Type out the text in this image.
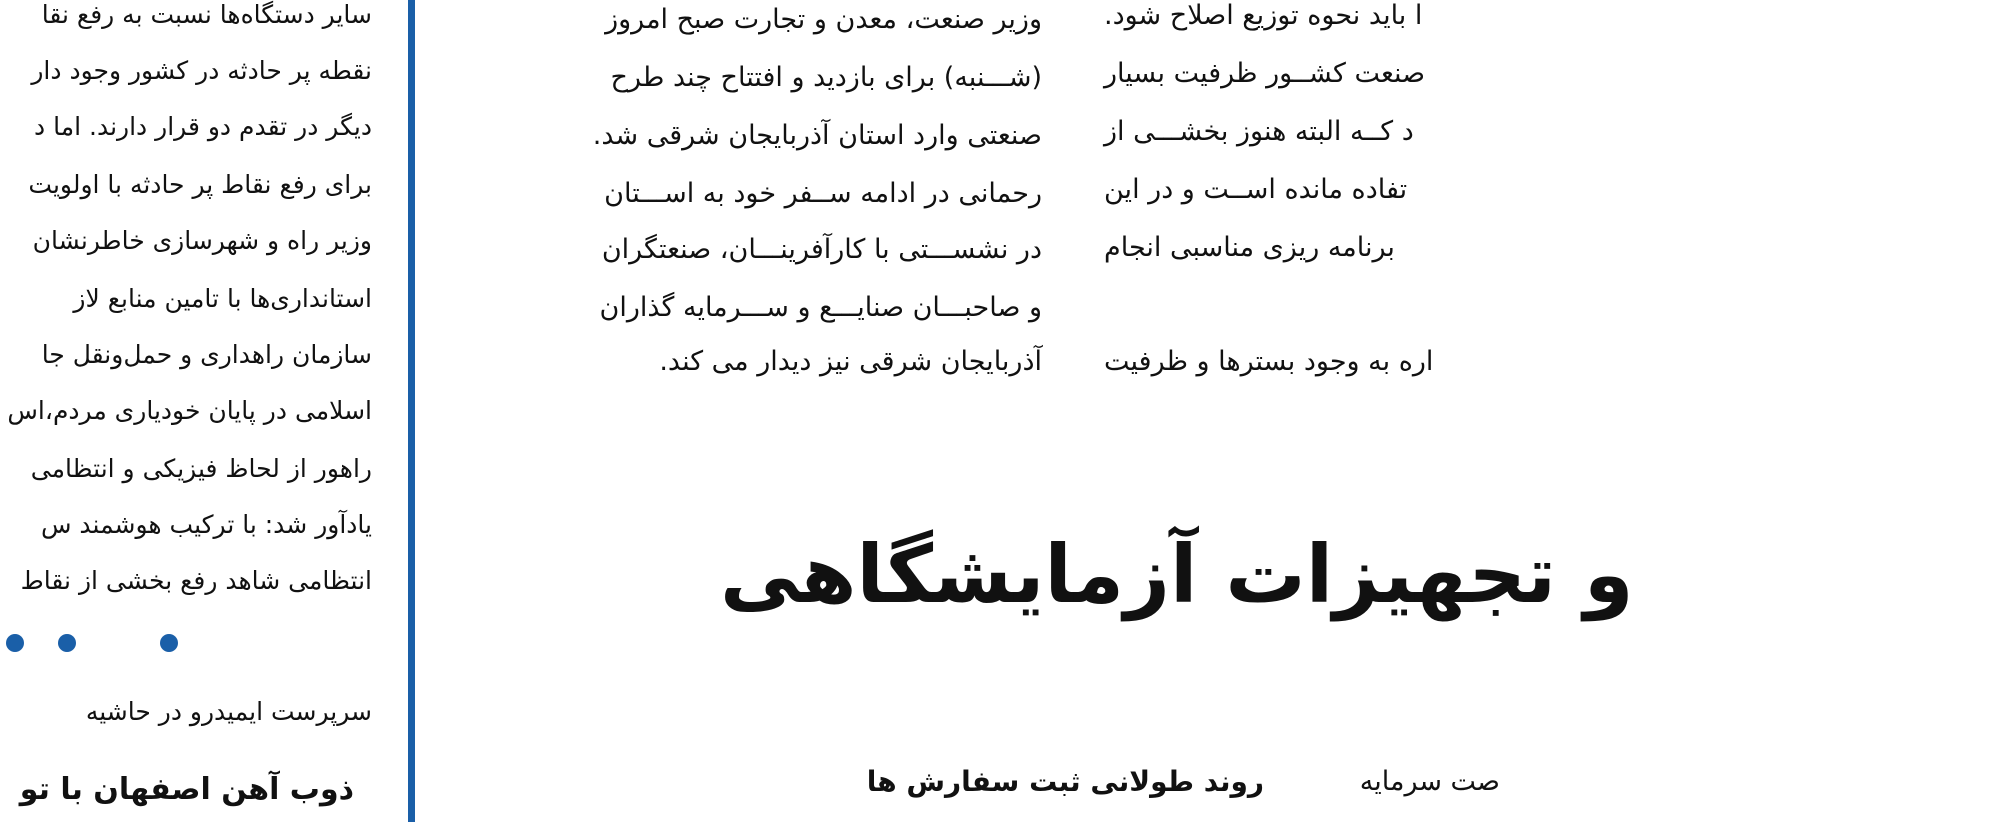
سایر دستگاه‌ها نسبت به رفع نقا
نقطه پر حادثه در کشور وجود دار
دیگر در تقدم دو قرار دارند. اما د
برای رفع نقاط پر حادثه با اولویت
وزیر راه و شهرسازی خاطرنشان
استانداری‌ها با تامین منابع لاز
سازمان راهداری و حمل‌ونقل جا
اسلامی در پایان خودیاری مردم،اس
راهور از لحاظ فیزیکی و انتظامی
یادآور شد: با ترکیب هوشمند س
انتظامی شاهد رفع بخشی از نقاط
سرپرست ایمیدرو در حاشیه
ذوب آهن اصفهان با تو
وزیر صنعت، معدن و تجارت صبح امروز
(شـــنبه) برای بازدید و افتتاح چند طرح
صنعتی وارد استان آذربایجان شرقی شد.
رحمانی در ادامه ســفر خود به اســـتان
در نشســـتی با کارآفرینـــان، صنعتگران
و صاحبـــان صنایـــع و ســـرمایه گذاران
آذربایجان شرقی نیز دیدار می کند.
ا باید نحوه توزیع اصلاح شود.
صنعت کشــور ظرفیت بسیار
د کــه البته هنوز بخشـــی از
تفاده مانده اســت و در این
برنامه ریزی مناسبی انجام
اره به وجود بسترها و ظرفیت
و تجهیزات آزمایشگاهی
روند طولانی ثبت سفارش ها	صت سرمایه
